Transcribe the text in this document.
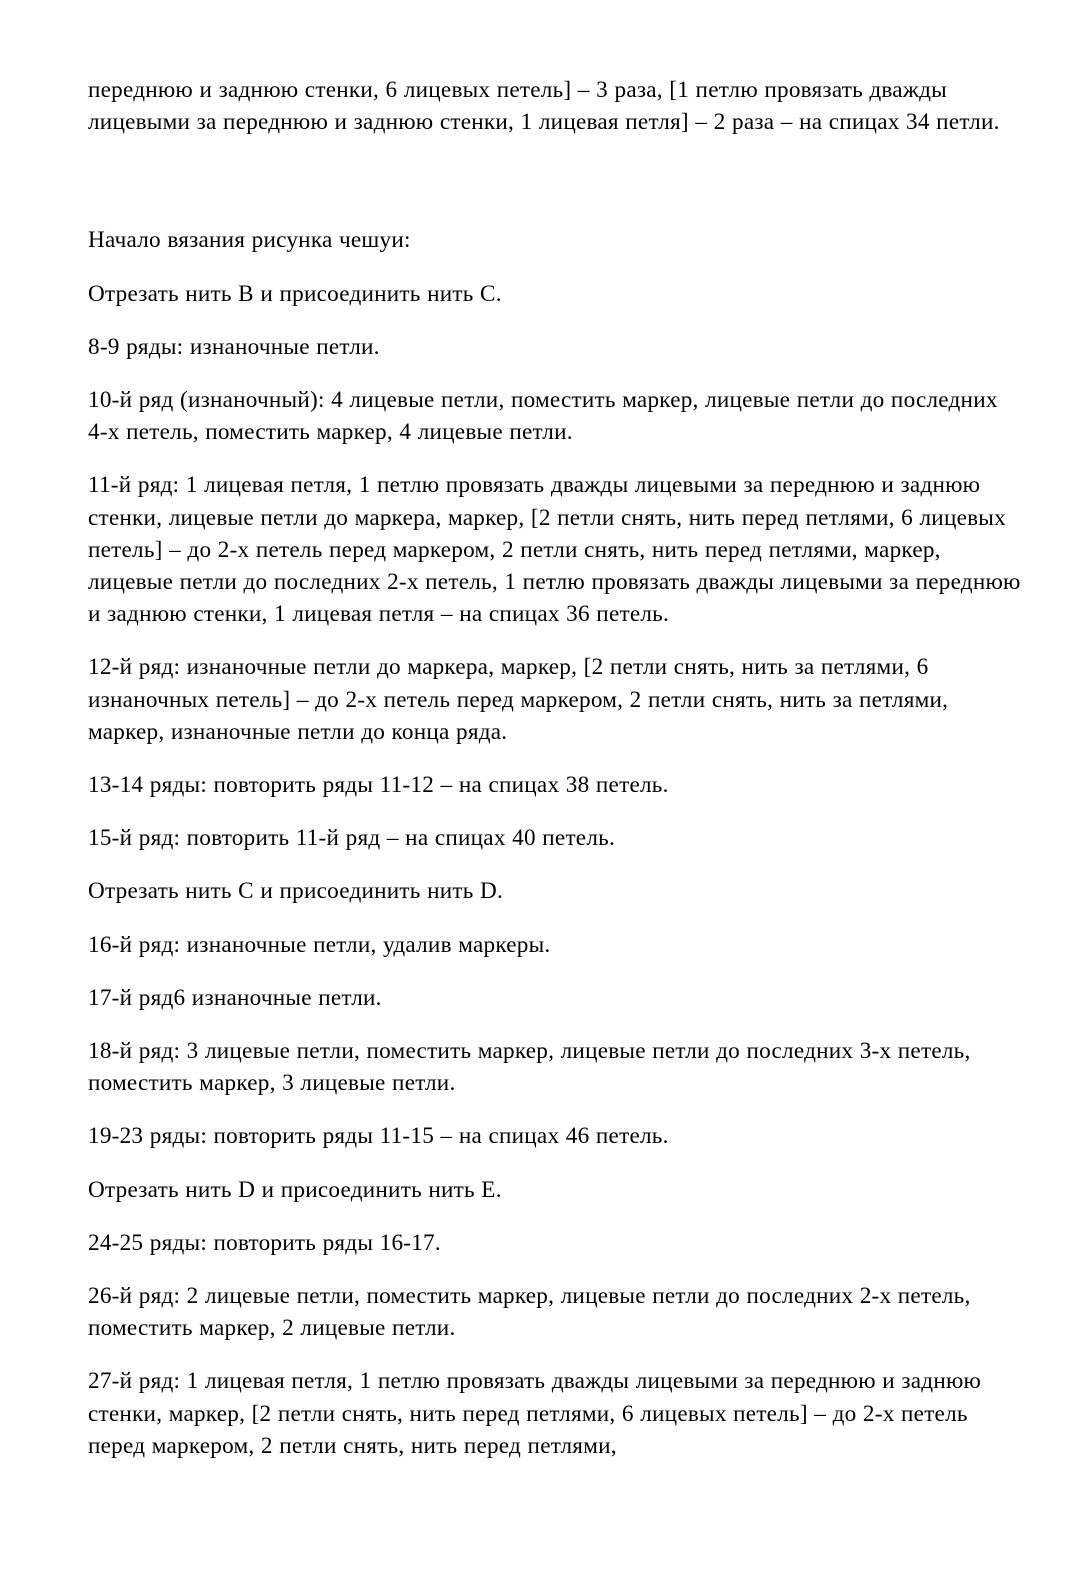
переднюю и заднюю стенки, 6 лицевых петель] – 3 раза, [1 петлю провязать дважды лицевыми за переднюю и заднюю стенки, 1 лицевая петля] – 2 раза – на спицах 34 петли.

Начало вязания рисунка чешуи:

Отрезать нить B и присоединить нить C.

8-9 ряды: изнаночные петли.

10-й ряд (изнаночный): 4 лицевые петли, поместить маркер, лицевые петли до последних 4-х петель, поместить маркер, 4 лицевые петли.

11-й ряд: 1 лицевая петля, 1 петлю провязать дважды лицевыми за переднюю и заднюю стенки, лицевые петли до маркера, маркер, [2 петли снять, нить перед петлями, 6 лицевых петель] – до 2-х петель перед маркером, 2 петли снять, нить перед петлями, маркер, лицевые петли до последних 2-х петель, 1 петлю провязать дважды лицевыми за переднюю и заднюю стенки, 1 лицевая петля – на спицах 36 петель.

12-й ряд: изнаночные петли до маркера, маркер, [2 петли снять, нить за петлями, 6 изнаночных петель] – до 2-х петель перед маркером, 2 петли снять, нить за петлями, маркер, изнаночные петли до конца ряда.

13-14 ряды: повторить ряды 11-12 – на спицах 38 петель.

15-й ряд: повторить 11-й ряд – на спицах 40 петель.

Отрезать нить C и присоединить нить D.

16-й ряд: изнаночные петли, удалив маркеры.

17-й ряд6 изнаночные петли.

18-й ряд: 3 лицевые петли, поместить маркер, лицевые петли до последних 3-х петель, поместить маркер, 3 лицевые петли.

19-23 ряды: повторить ряды 11-15 – на спицах 46 петель.

Отрезать нить D и присоединить нить E.

24-25 ряды: повторить ряды 16-17.

26-й ряд: 2 лицевые петли, поместить маркер, лицевые петли до последних 2-х петель, поместить маркер, 2 лицевые петли.

27-й ряд: 1 лицевая петля, 1 петлю провязать дважды лицевыми за переднюю и заднюю стенки, маркер, [2 петли снять, нить перед петлями, 6 лицевых петель] – до 2-х петель перед маркером, 2 петли снять, нить перед петлями,
